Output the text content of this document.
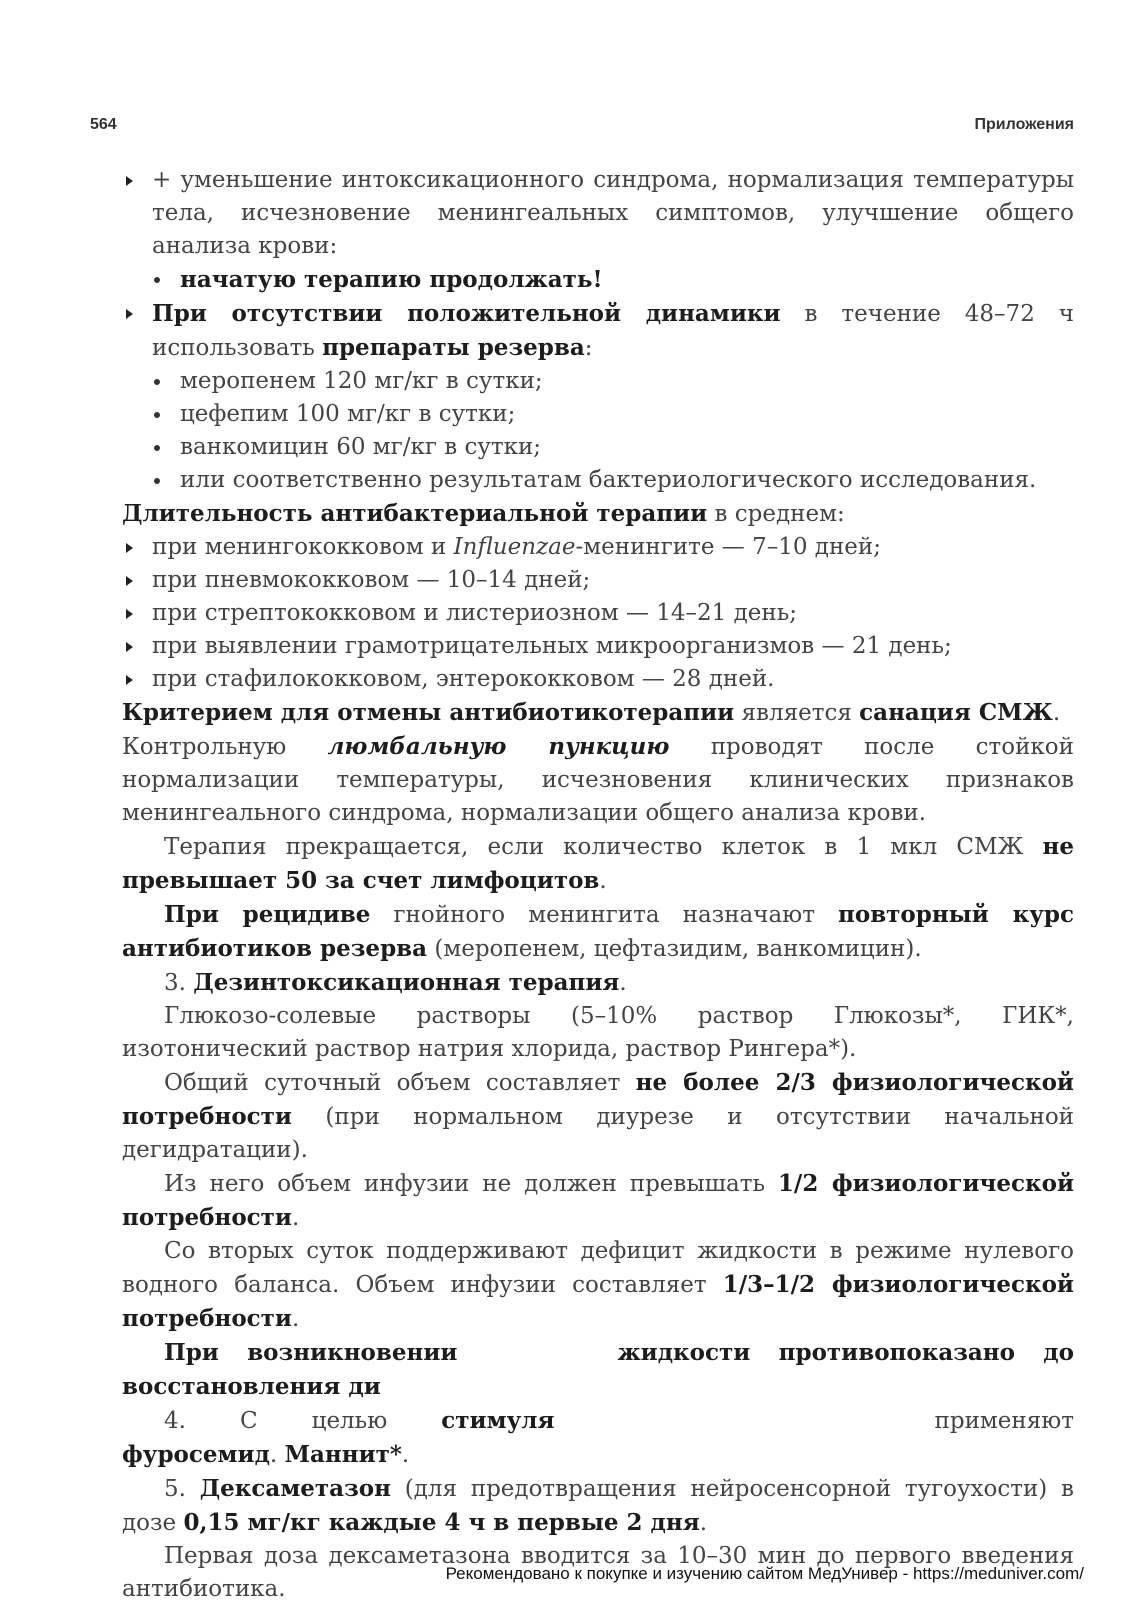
564	Приложения

+ уменьшение интоксикационного синдрома, нормализация температуры тела, исчезновение менингеальных симптомов, улучшение общего анализа крови:

начатую терапию продолжать!

При отсутствии положительной динамики в течение 48–72 ч использовать препараты резерва:

меропенем 120 мг/кг в сутки;

цефепим 100 мг/кг в сутки;

ванкомицин 60 мг/кг в сутки;

или соответственно результатам бактериологического исследования.

Длительность антибактериальной терапии в среднем:

при менингококковом и Influenzae-менингите — 7–10 дней;

при пневмококковом — 10–14 дней;

при стрептококковом и листериозном — 14–21 день;

при выявлении грамотрицательных микроорганизмов — 21 день;

при стафилококковом, энтерококковом — 28 дней.

Критерием для отмены антибиотикотерапии является санация СМЖ.

Контрольную люмбальную пункцию проводят после стойкой нормализации температуры, исчезновения клинических признаков менингеального синдрома, нормализации общего анализа крови.

Терапия прекращается, если количество клеток в 1 мкл СМЖ не превышает 50 за счет лимфоцитов.

При рецидиве гнойного менингита назначают повторный курс антибиотиков резерва (меропенем, цефтазидим, ванкомицин).

3. Дезинтоксикационная терапия.

Глюкозо-солевые растворы (5–10% раствор Глюкозы*, ГИК*, изотонический раствор натрия хлорида, раствор Рингера*).

Общий суточный объем составляет не более 2/3 физиологической потребности (при нормальном диурезе и отсутствии начальной дегидратации).

Из него объем инфузии не должен превышать 1/2 физиологической потребности.

Со вторых суток поддерживают дефицит жидкости в режиме нулевого водного баланса. Объем инфузии составляет 1/3–1/2 физиологической потребности.

При возникновении	жидкости противопоказано до восстановления ди

4. С целью стимуля	применяют фуросемид. Маннит*.

5. Дексаметазон (для предотвращения нейросенсорной тугоухости) в дозе 0,15 мг/кг каждые 4 ч в первые 2 дня.

Первая доза дексаметазона вводится за 10–30 мин до первого введения антибиотика.

Рекомендовано к покупке и изучению сайтом МедУнивер - https://meduniver.com/
